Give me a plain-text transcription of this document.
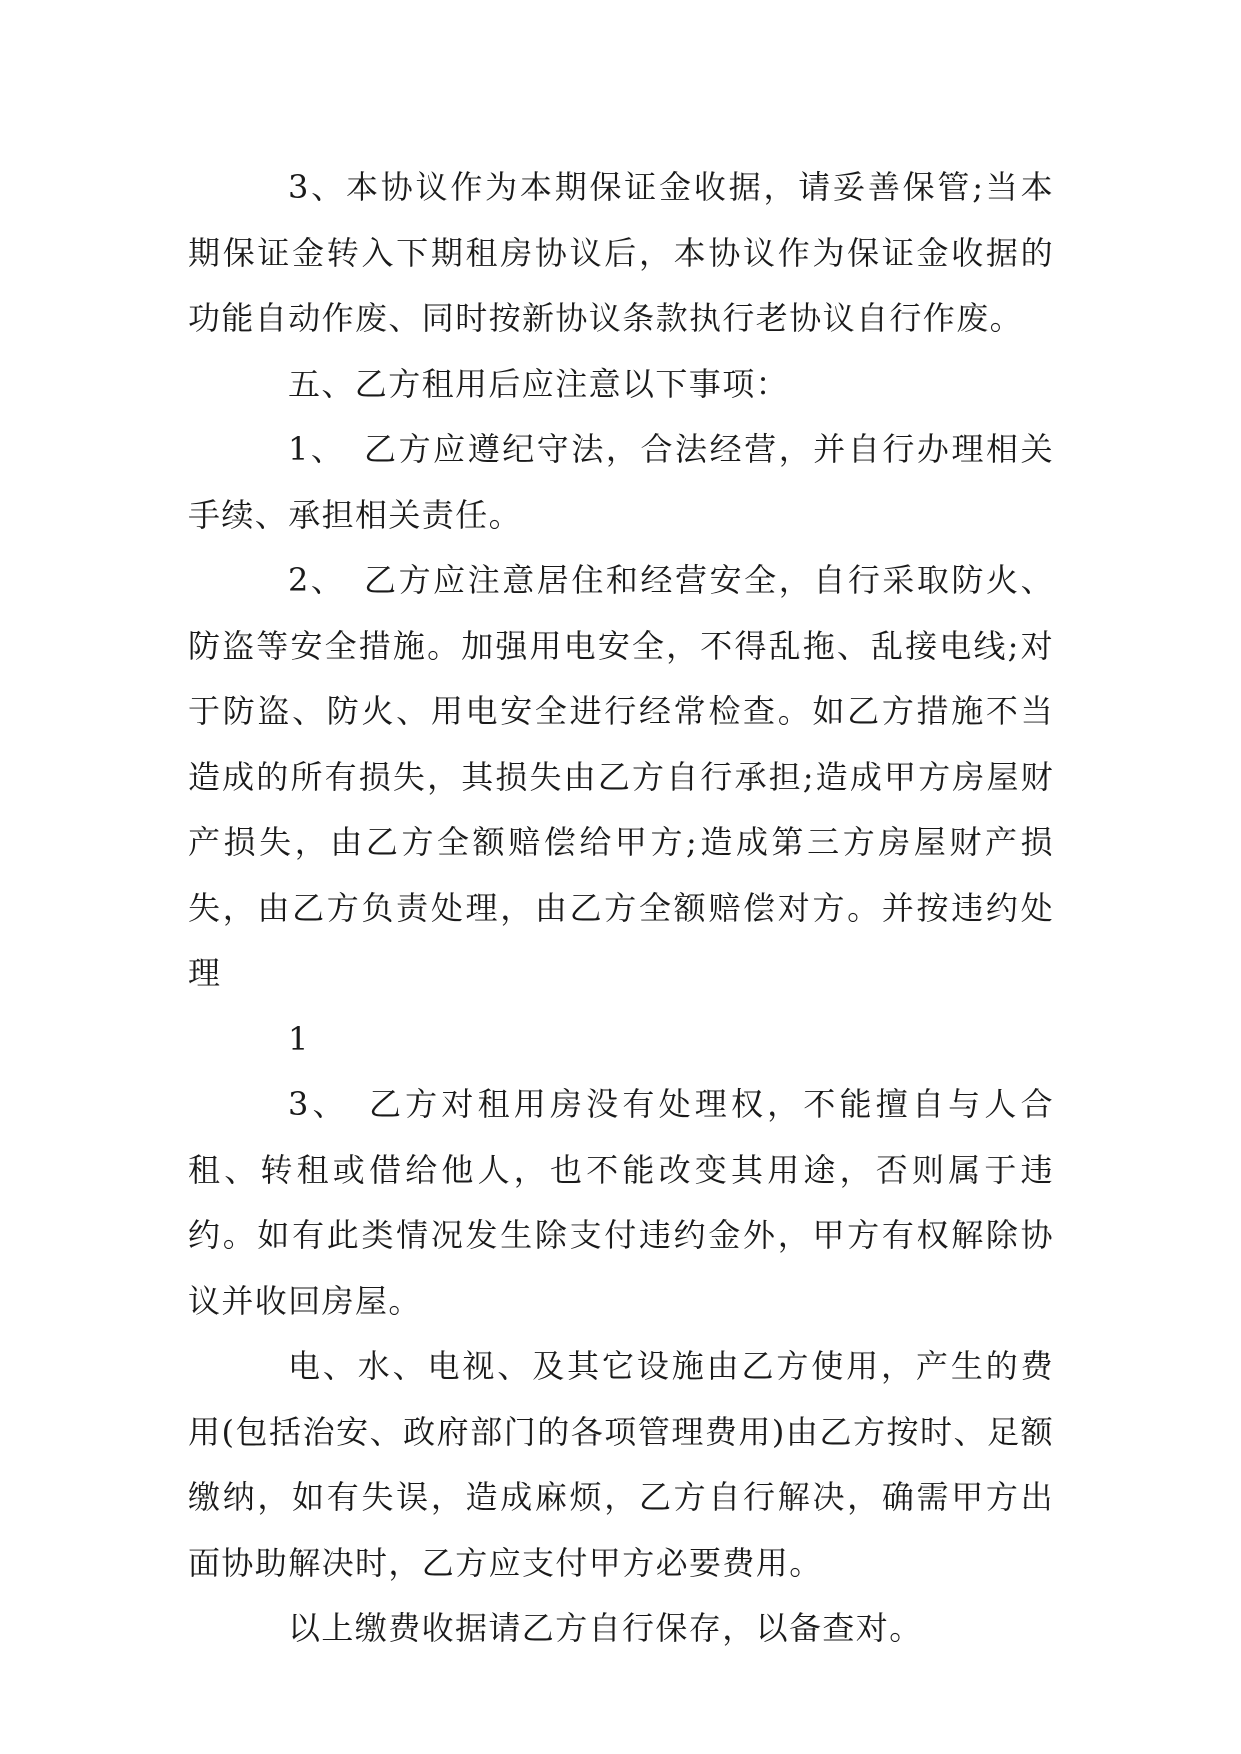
3、本协议作为本期保证金收据，请妥善保管;当本期保证金转入下期租房协议后，本协议作为保证金收据的功能自动作废、同时按新协议条款执行老协议自行作废。

五、乙方租用后应注意以下事项：

1、　乙方应遵纪守法，合法经营，并自行办理相关手续、承担相关责任。

2、　乙方应注意居住和经营安全，自行采取防火、防盗等安全措施。加强用电安全，不得乱拖、乱接电线;对于防盗、防火、用电安全进行经常检查。如乙方措施不当造成的所有损失，其损失由乙方自行承担;造成甲方房屋财产损失，由乙方全额赔偿给甲方;造成第三方房屋财产损失，由乙方负责处理，由乙方全额赔偿对方。并按违约处理

1

3、　乙方对租用房没有处理权，不能擅自与人合租、转租或借给他人，也不能改变其用途，否则属于违约。如有此类情况发生除支付违约金外，甲方有权解除协议并收回房屋。

电、水、电视、及其它设施由乙方使用，产生的费用(包括治安、政府部门的各项管理费用)由乙方按时、足额缴纳，如有失误，造成麻烦，乙方自行解决，确需甲方出面协助解决时，乙方应支付甲方必要费用。

以上缴费收据请乙方自行保存，以备查对。
